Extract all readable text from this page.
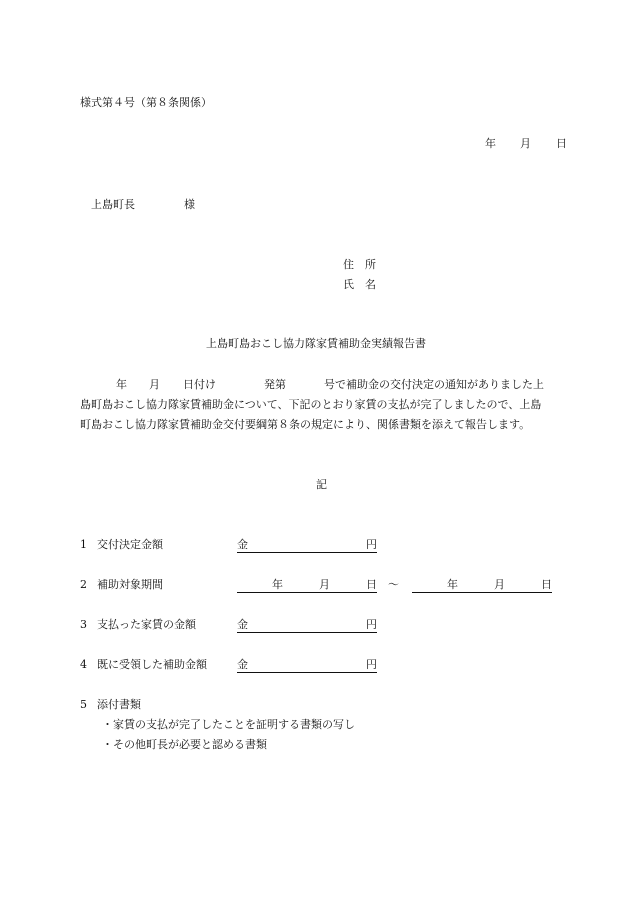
様式第４号（第８条関係）
年 月 日
上島町長	様
住　所
氏　名
上島町島おこし協力隊家賃補助金実績報告書
年 月 日付け	発第	号で補助金の交付決定の通知がありました上
島町島おこし協力隊家賃補助金について、下記のとおり家賃の支払が完了しましたので、上島
町島おこし協力隊家賃補助金交付要綱第８条の規定により、関係書類を添えて報告します。
記
1 交付決定金額	金	円
2 補助対象期間	年	月	日 ～	年	月	日
3 支払った家賃の金額	金	円
4 既に受領した補助金額	金	円
5 添付書類
・家賃の支払が完了したことを証明する書類の写し
・その他町長が必要と認める書類
